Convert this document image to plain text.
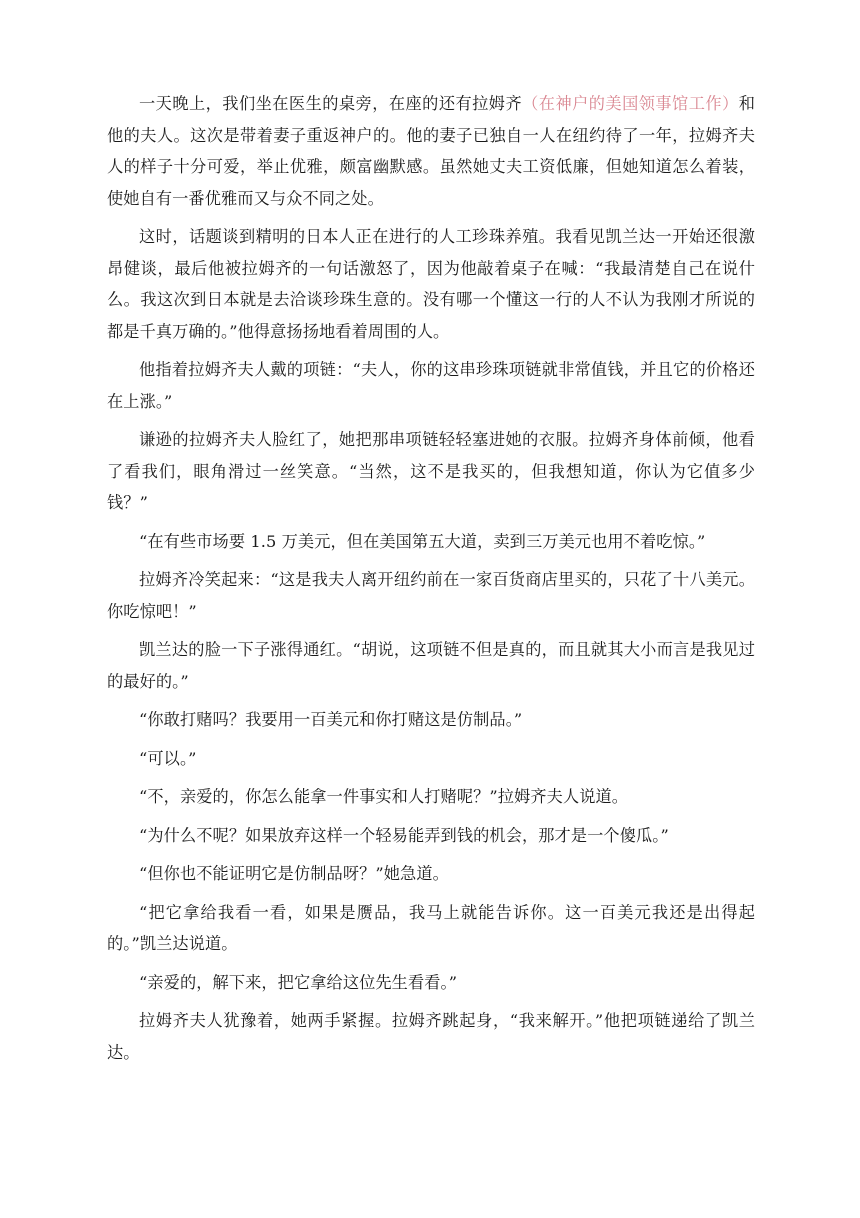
一天晚上，我们坐在医生的桌旁，在座的还有拉姆齐（在神户的美国领事馆工作）和他的夫人。这次是带着妻子重返神户的。他的妻子已独自一人在纽约待了一年，拉姆齐夫人的样子十分可爱，举止优雅，颇富幽默感。虽然她丈夫工资低廉，但她知道怎么着装，使她自有一番优雅而又与众不同之处。

这时，话题谈到精明的日本人正在进行的人工珍珠养殖。我看见凯兰达一开始还很激昂健谈，最后他被拉姆齐的一句话激怒了，因为他敲着桌子在喊：“我最清楚自己在说什么。我这次到日本就是去洽谈珍珠生意的。没有哪一个懂这一行的人不认为我刚才所说的都是千真万确的。”他得意扬扬地看着周围的人。

他指着拉姆齐夫人戴的项链：“夫人，你的这串珍珠项链就非常值钱，并且它的价格还在上涨。”

谦逊的拉姆齐夫人脸红了，她把那串项链轻轻塞进她的衣服。拉姆齐身体前倾，他看了看我们，眼角滑过一丝笑意。“当然，这不是我买的，但我想知道，你认为它值多少钱？”

“在有些市场要 1.5 万美元，但在美国第五大道，卖到三万美元也用不着吃惊。”

拉姆齐冷笑起来：“这是我夫人离开纽约前在一家百货商店里买的，只花了十八美元。你吃惊吧！”

凯兰达的脸一下子涨得通红。“胡说，这项链不但是真的，而且就其大小而言是我见过的最好的。”

“你敢打赌吗？我要用一百美元和你打赌这是仿制品。”

“可以。”

“不，亲爱的，你怎么能拿一件事实和人打赌呢？”拉姆齐夫人说道。

“为什么不呢？如果放弃这样一个轻易能弄到钱的机会，那才是一个傻瓜。”

“但你也不能证明它是仿制品呀？”她急道。

“把它拿给我看一看，如果是赝品，我马上就能告诉你。这一百美元我还是出得起的。”凯兰达说道。

“亲爱的，解下来，把它拿给这位先生看看。”

拉姆齐夫人犹豫着，她两手紧握。拉姆齐跳起身，“我来解开。”他把项链递给了凯兰达。
